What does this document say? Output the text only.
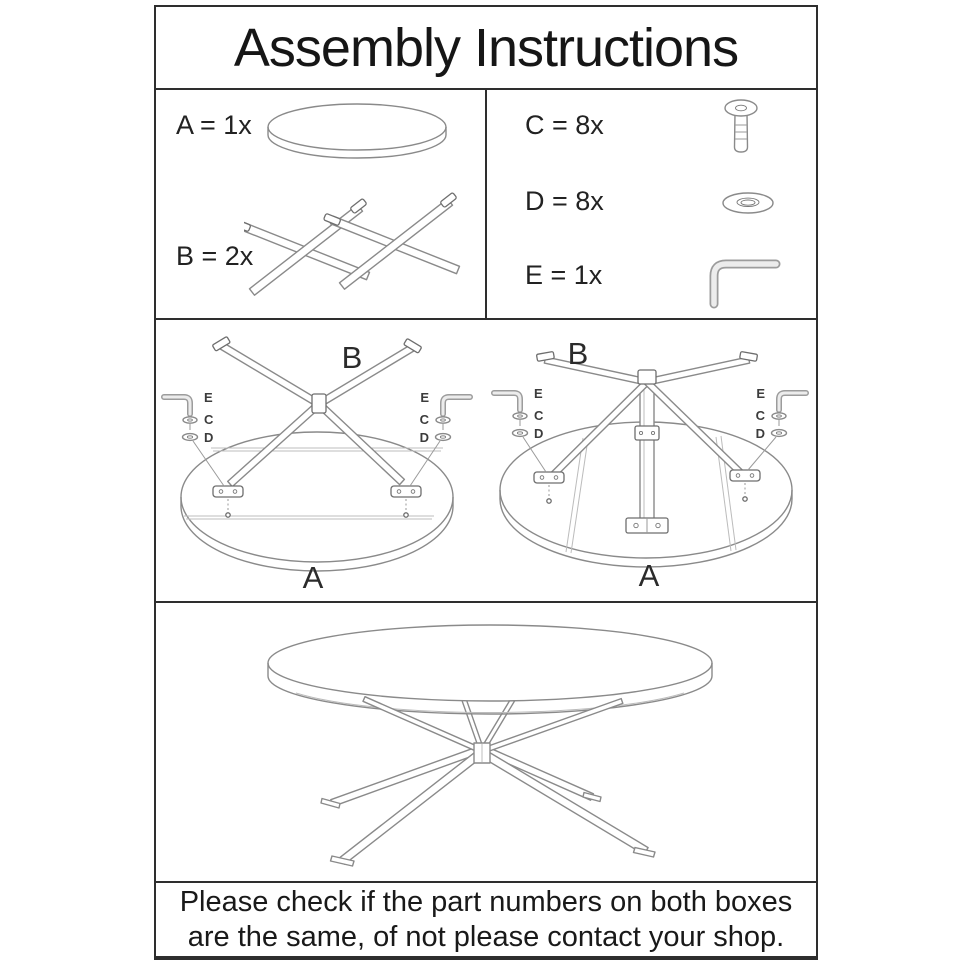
Assembly Instructions
A = 1x
B = 2x
C = 8x
D = 8x
E = 1x
E
C
D
E
C
D
B
A
E
C
D
E
C
D
B
A
Please check if the part numbers on both boxes
are the same, of not please contact your shop.
